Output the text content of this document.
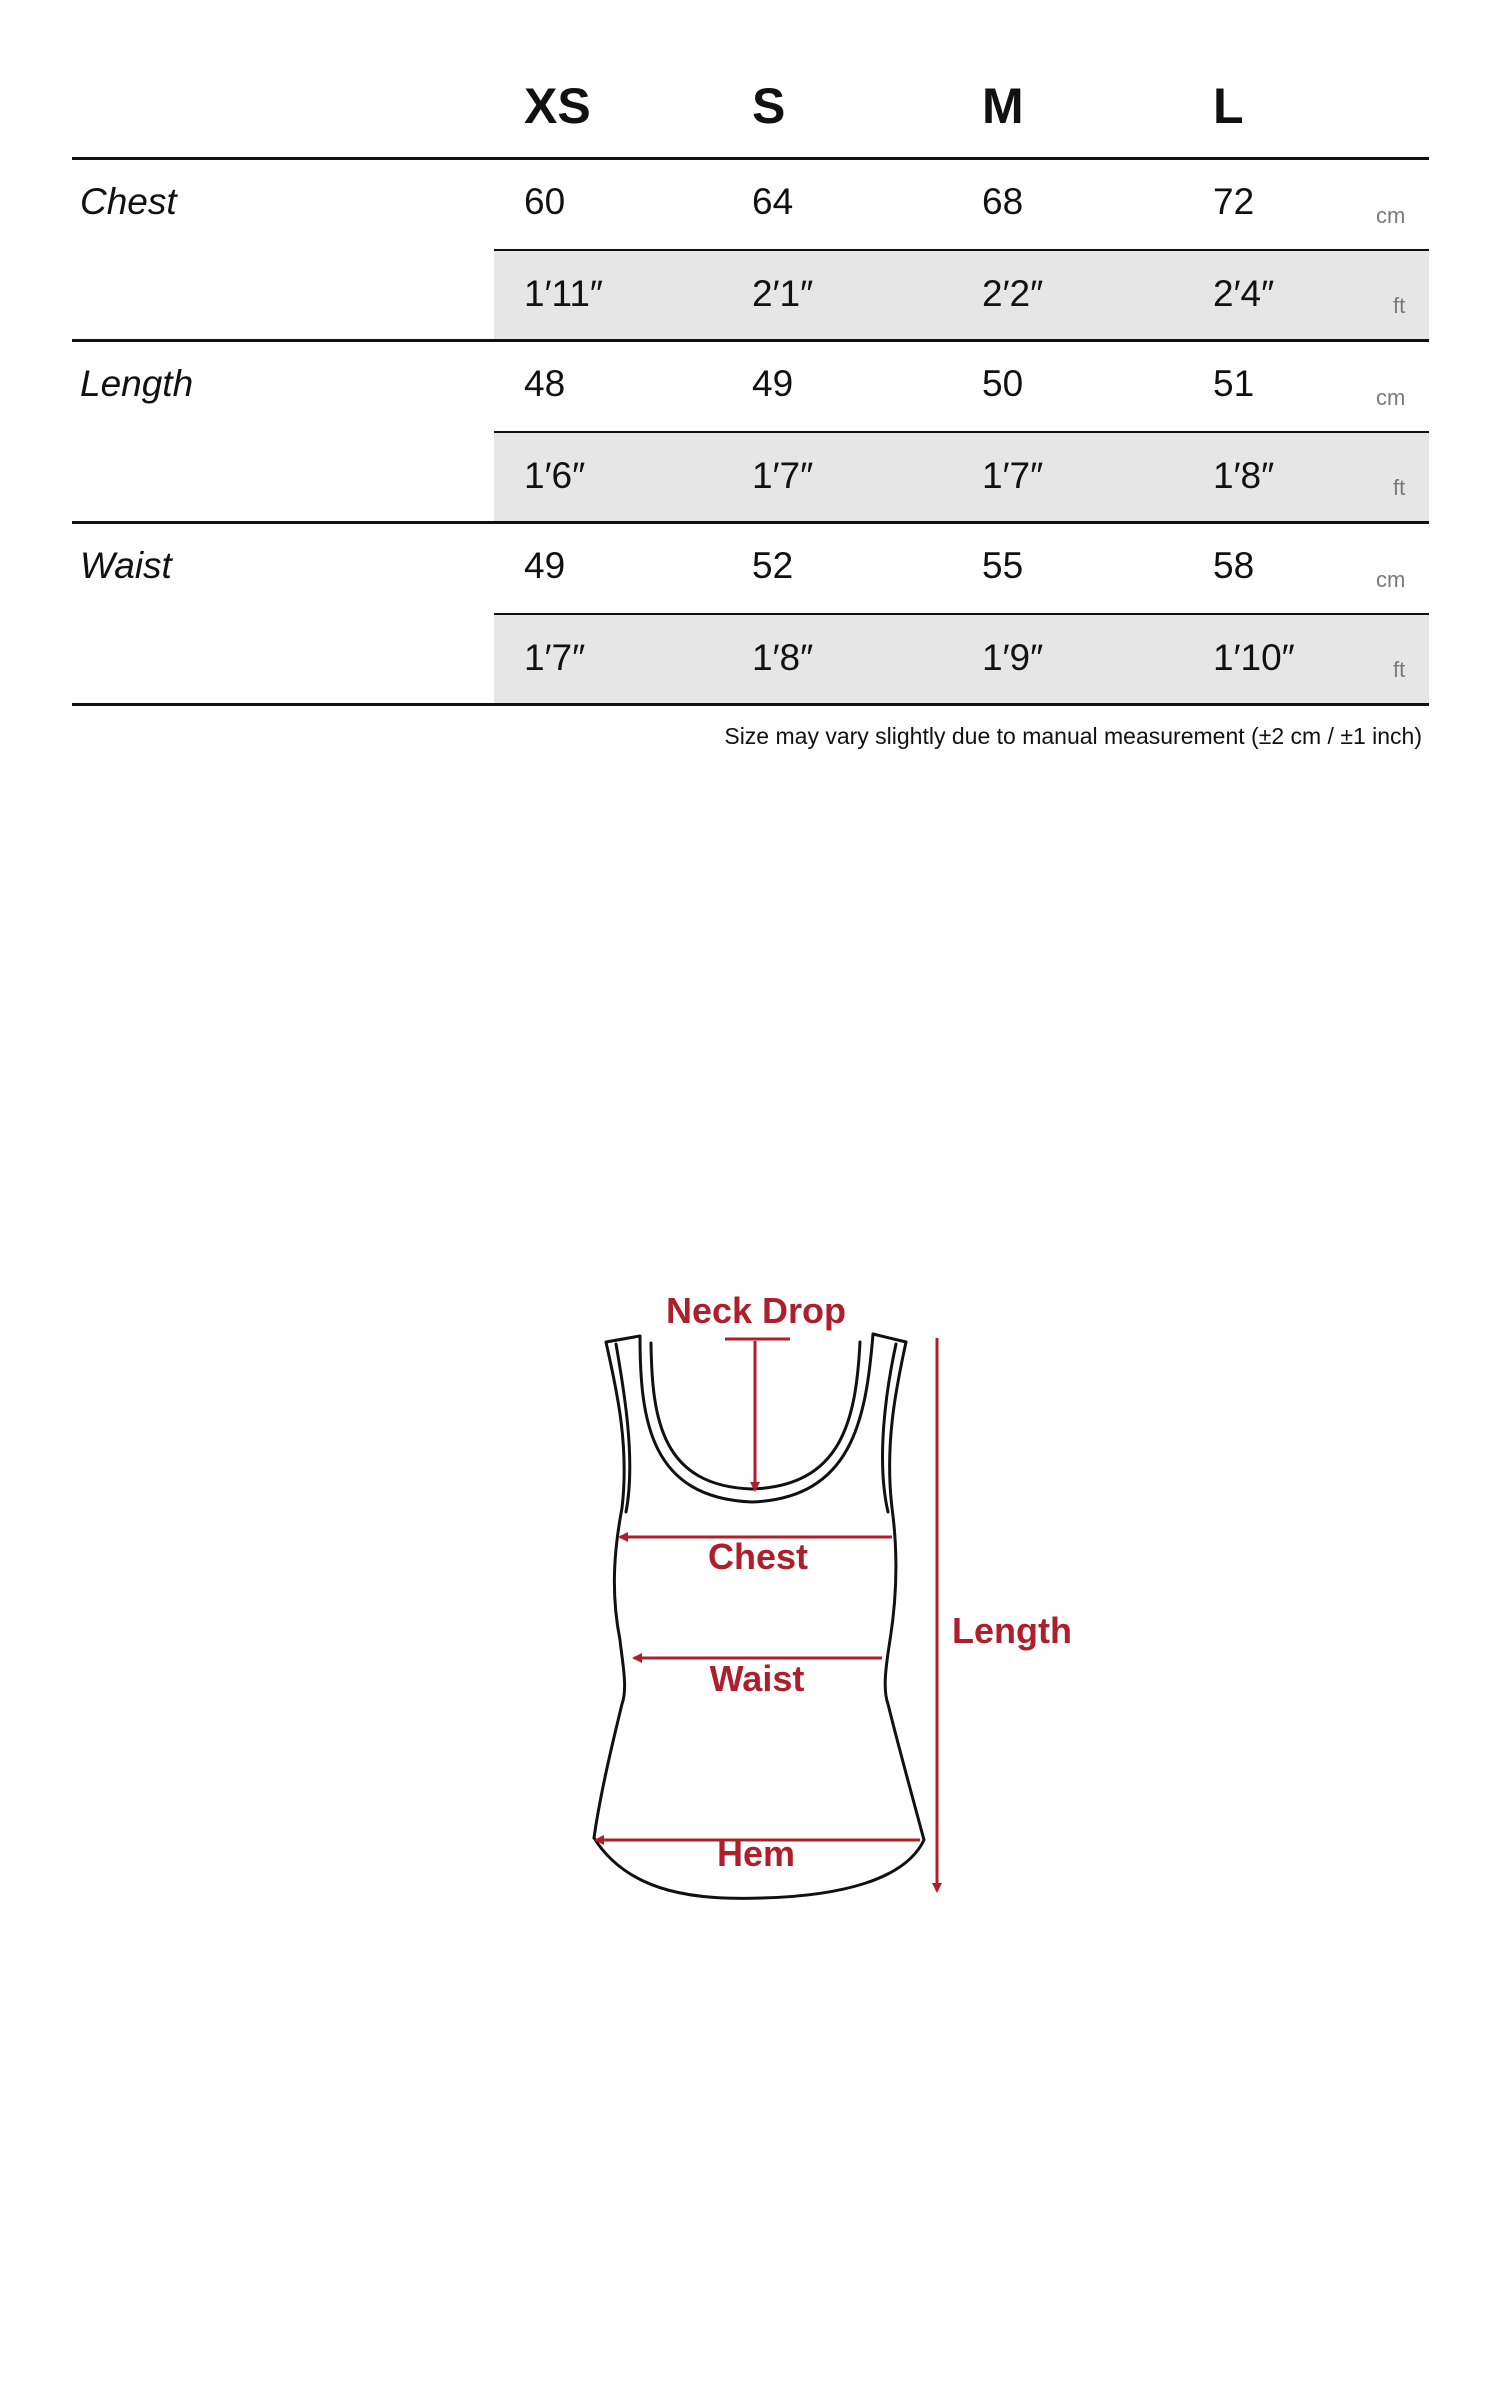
XS	S	M	L
Chest	60	64	68	72	cm
1′11″	2′1″	2′2″	2′4″	ft
Length	48	49	50	51	cm
1′6″	1′7″	1′7″	1′8″	ft
Waist	49	52	55	58	cm
1′7″	1′8″	1′9″	1′10″	ft
Size may vary slightly due to manual measurement (±2 cm / ±1 inch)
Neck Drop
Chest
Waist
Hem
Length
